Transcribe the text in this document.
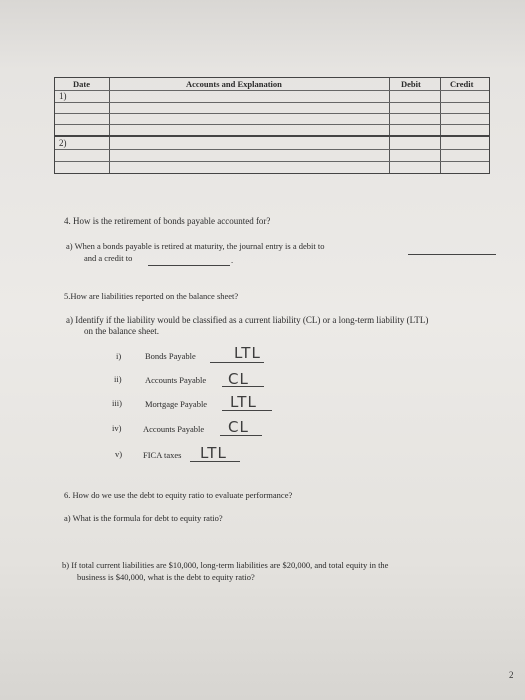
Date	Accounts and Explanation	Debit	Credit
1)
2)
4. How is the retirement of bonds payable accounted for?
a) When a bonds payable is retired at maturity, the journal entry is a debit to
and a credit to	.
5.How are liabilities reported on the balance sheet?
a) Identify if the liability would be classified as a current liability (CL) or a long-term liability (LTL)
on the balance sheet.
i)	Bonds Payable	LTL
ii)	Accounts Payable CL
iii)	Mortgage Payable LTL
iv)	Accounts Payable CL
v) FICA taxes LTL
6. How do we use the debt to equity ratio to evaluate performance?
a) What is the formula for debt to equity ratio?
b) If total current liabilities are $10,000, long-term liabilities are $20,000, and total equity in the
business is $40,000, what is the debt to equity ratio?
2
